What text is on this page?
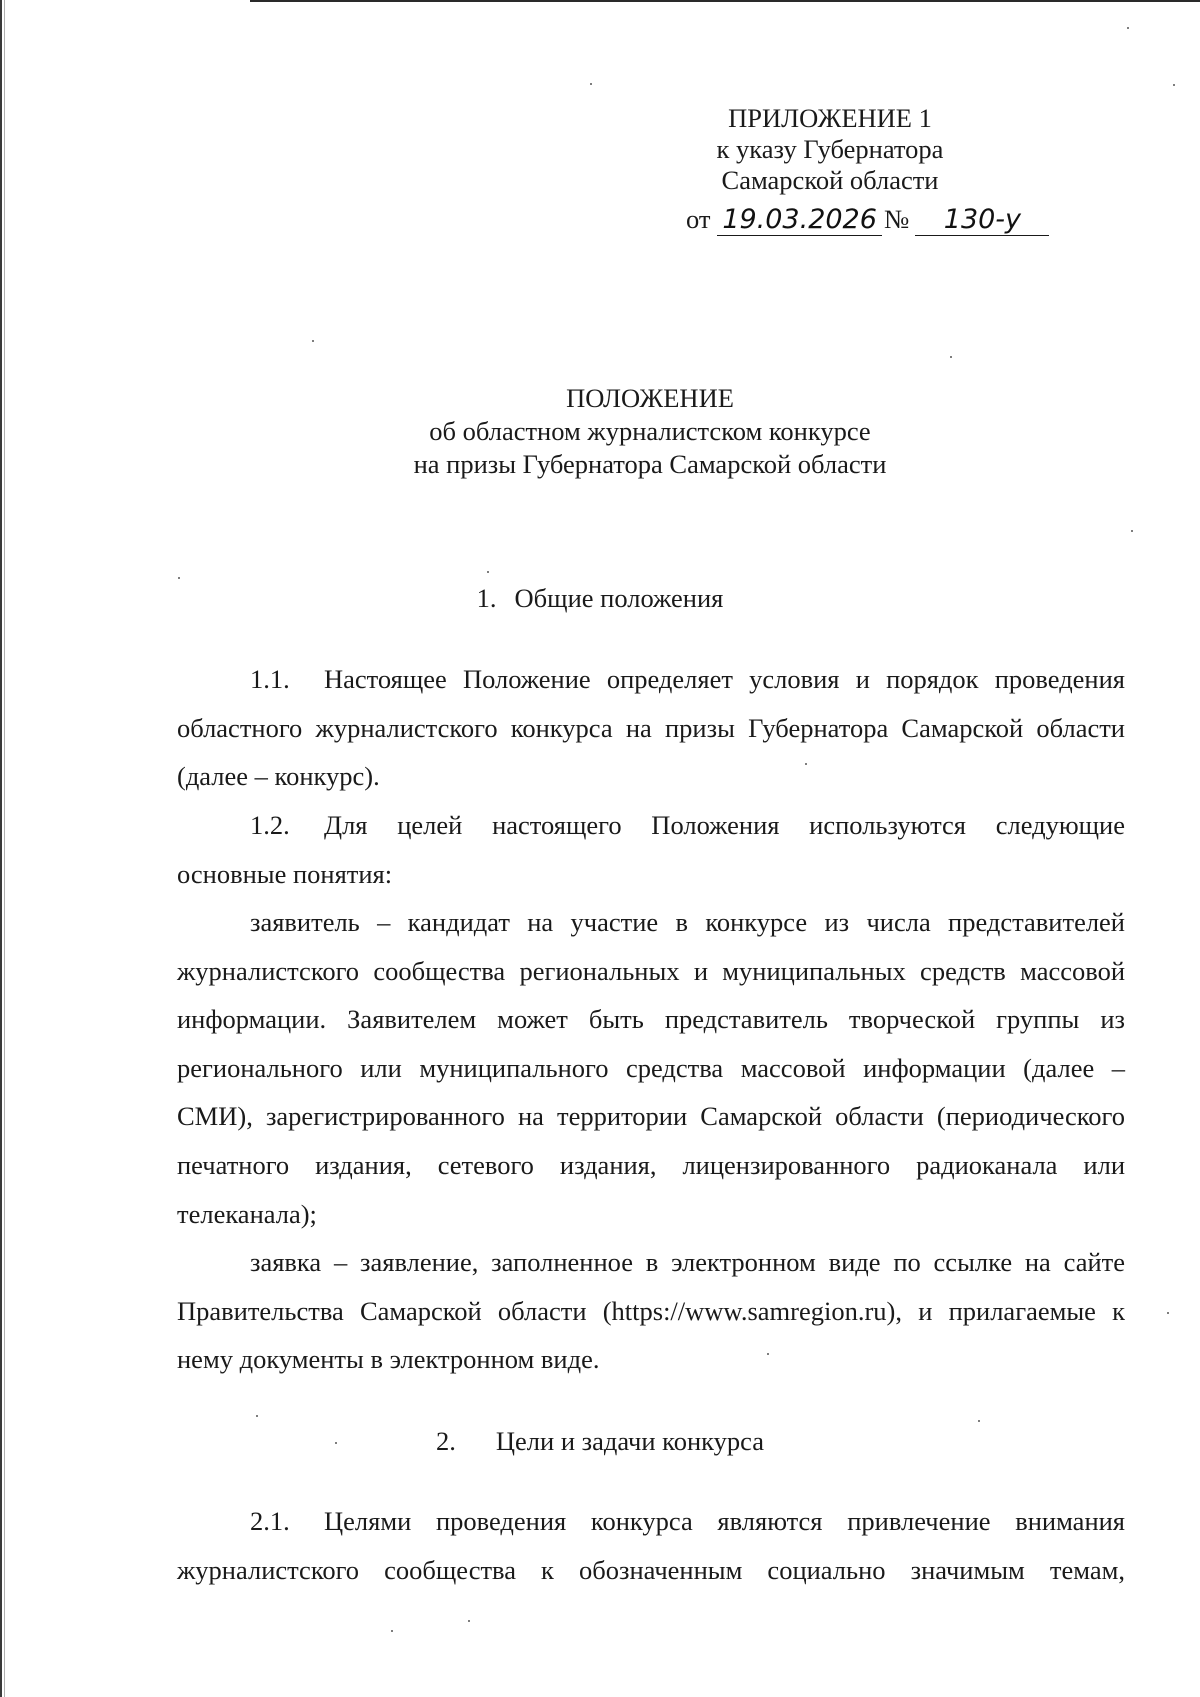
ПРИЛОЖЕНИЕ 1
к указу Губернатора
Самарской области
от 19.03.2026 № 130-у
ПОЛОЖЕНИЕ
об областном журналистском конкурсе
на призы Губернатора Самарской области
1. Общие положения
1.1. Настоящее Положение определяет условия и порядок проведения областного журналистского конкурса на призы Губернатора Самарской области (далее – конкурс).
1.2. Для целей настоящего Положения используются следующие основные понятия:
заявитель – кандидат на участие в конкурсе из числа представителей журналистского сообщества региональных и муниципальных средств массовой информации. Заявителем может быть представитель творческой группы из регионального или муниципального средства массовой информации (далее – СМИ), зарегистрированного на территории Самарской области (периодического печатного издания, сетевого издания, лицензированного радиоканала или телеканала);
заявка – заявление, заполненное в электронном виде по ссылке на сайте Правительства Самарской области (https://www.samregion.ru), и прилагаемые к нему документы в электронном виде.
2. Цели и задачи конкурса
2.1. Целями проведения конкурса являются привлечение внимания журналистского сообщества к обозначенным социально значимым темам,
